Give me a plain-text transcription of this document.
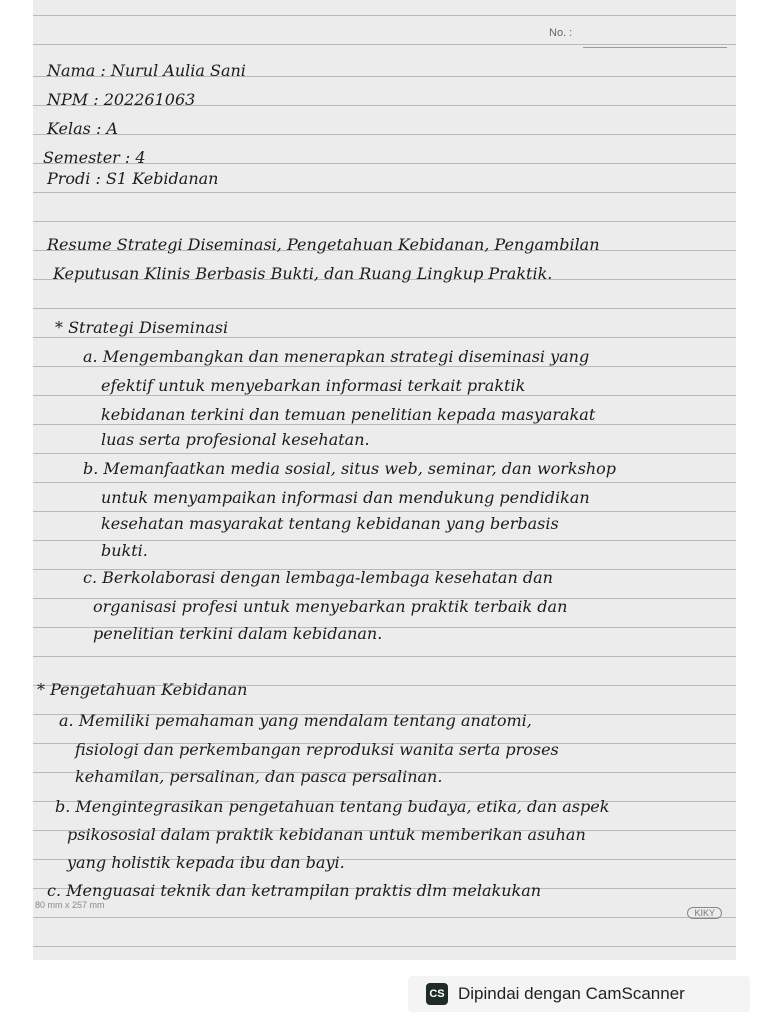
No. :
Nama : Nurul Aulia Sani
NPM : 202261063
Kelas : A
Semester : 4
Prodi : S1 Kebidanan
Resume Strategi Diseminasi, Pengetahuan Kebidanan, Pengambilan
Keputusan Klinis Berbasis Bukti, dan Ruang Lingkup Praktik.
* Strategi Diseminasi
a. Mengembangkan dan menerapkan strategi diseminasi yang
efektif untuk menyebarkan informasi terkait praktik
kebidanan terkini dan temuan penelitian kepada masyarakat
luas serta profesional kesehatan.
b. Memanfaatkan media sosial, situs web, seminar, dan workshop
untuk menyampaikan informasi dan mendukung pendidikan
kesehatan masyarakat tentang kebidanan yang berbasis
bukti.
c. Berkolaborasi dengan lembaga-lembaga kesehatan dan
organisasi profesi untuk menyebarkan praktik terbaik dan
penelitian terkini dalam kebidanan.
* Pengetahuan Kebidanan
a. Memiliki pemahaman yang mendalam tentang anatomi,
fisiologi dan perkembangan reproduksi wanita serta proses
kehamilan, persalinan, dan pasca persalinan.
b. Mengintegrasikan pengetahuan tentang budaya, etika, dan aspek
psikososial dalam praktik kebidanan untuk memberikan asuhan
yang holistik kepada ibu dan bayi.
c. Menguasai teknik dan ketrampilan praktis dlm melakukan
80 mm x 257 mm
KIKY
CS Dipindai dengan CamScanner
